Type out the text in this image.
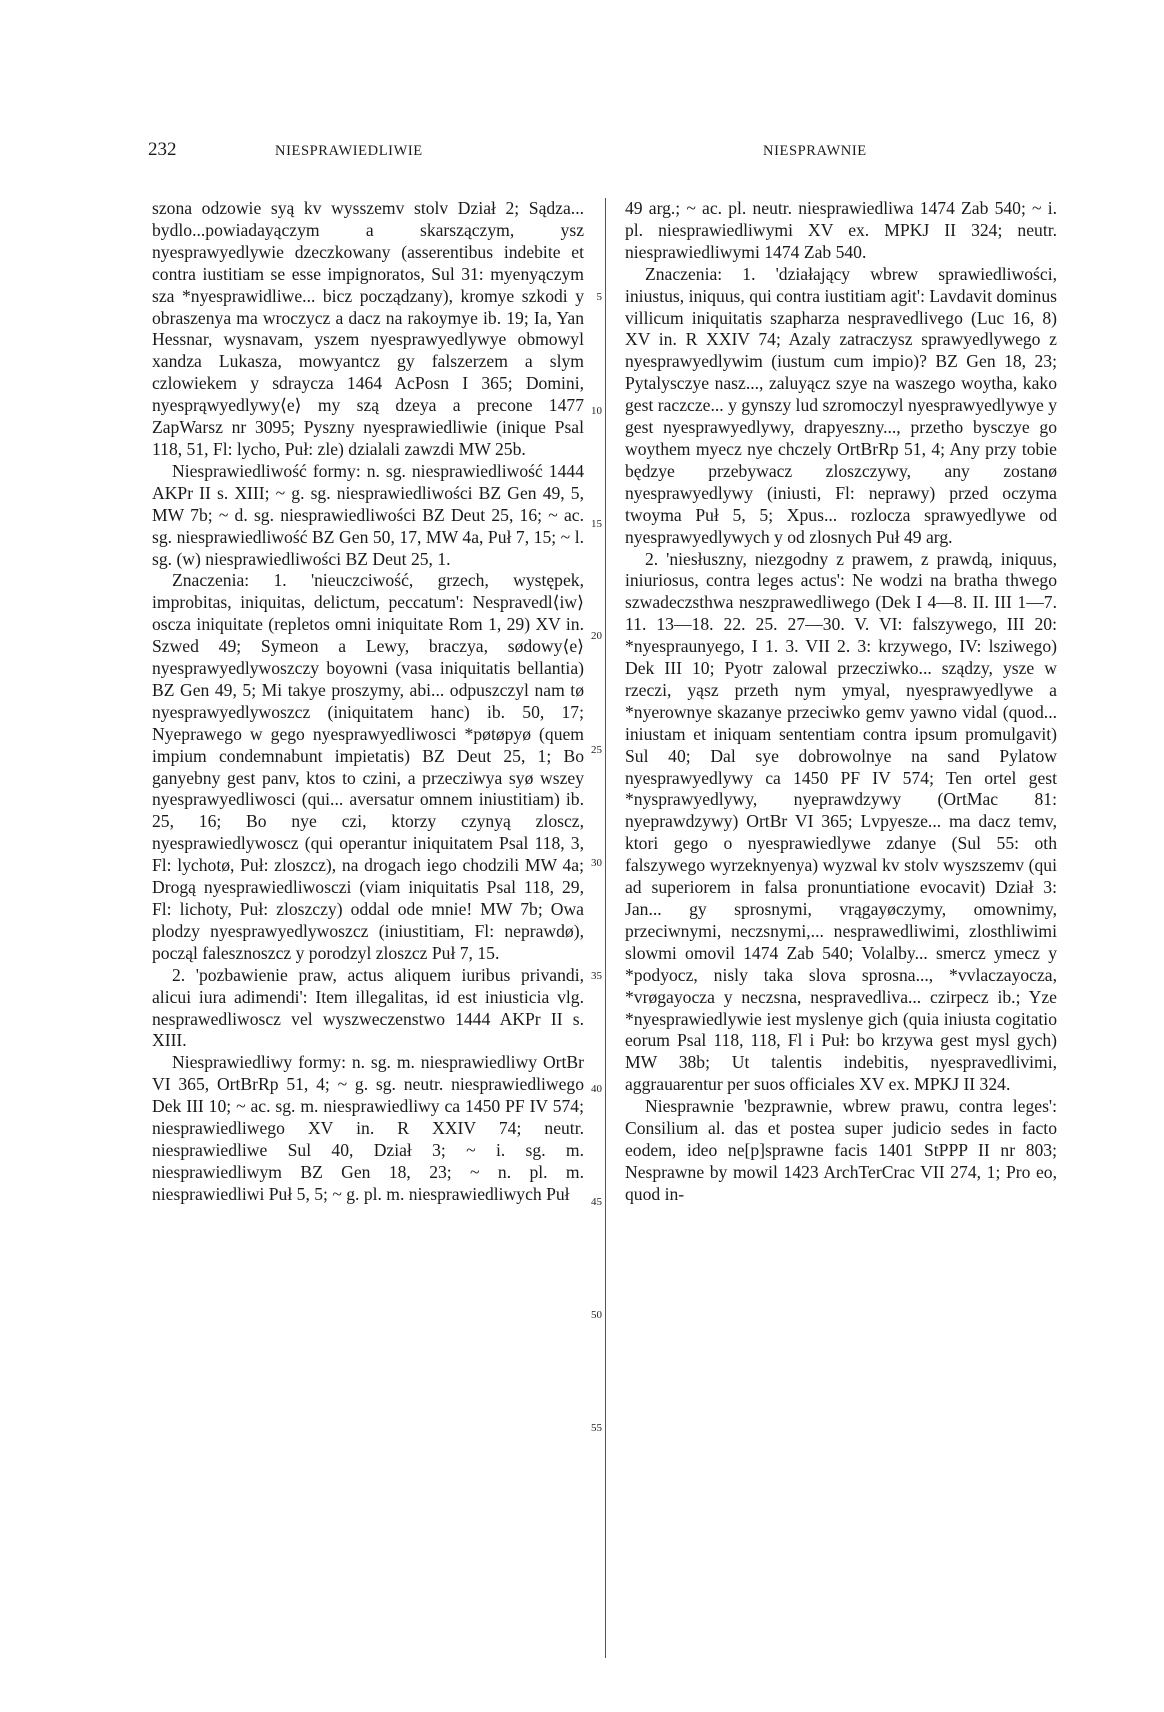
232	NIESPRAWIEDLIWIE	NIESPRAWNIE

szona odzowie syą kv wysszemv stolv Dział 2; Sądza... bydlo...powiadayączym a skarszączym, ysz nyesprawyedlywie dzeczkowany (asserentibus indebite et contra iustitiam se esse impignoratos, Sul 31: myenyączym sza *nyesprawidliwe... bicz począdzany), kromye szkodi y obraszenya ma wroczycz a dacz na rakoymye ib. 19; Ia, Yan Hessnar, wysnavam, yszem nyesprawyedlywye obmowyl xandza Lukasza, mowyantcz gy falszerzem a slym czlowiekem y sdraycza 1464 AcPosn I 365; Domini, nyesprąwyedlywy⟨e⟩ my szą dzeya a precone 1477 ZapWarsz nr 3095; Pyszny nyesprawiedliwie (inique Psal 118, 51, Fl: lycho, Puł: zle) dzialali zawzdi MW 25b.

Niesprawiedliwość formy: n. sg. niesprawiedliwość 1444 AKPr II s. XIII; ~ g. sg. niesprawiedliwości BZ Gen 49, 5, MW 7b; ~ d. sg. niesprawiedliwości BZ Deut 25, 16; ~ ac. sg. niesprawiedliwość BZ Gen 50, 17, MW 4a, Puł 7, 15; ~ l. sg. (w) niesprawiedliwości BZ Deut 25, 1.

Znaczenia: 1. 'nieuczciwość, grzech, występek, improbitas, iniquitas, delictum, peccatum': Nespravedl⟨iw⟩oscza iniquitate (repletos omni iniquitate Rom 1, 29) XV in. Szwed 49; Symeon a Lewy, braczya, sødowy⟨e⟩ nyesprawyedlywoszczy boyowni (vasa iniquitatis bellantia) BZ Gen 49, 5; Mi takye proszymy, abi... odpuszczyl nam tø nyesprawyedlywoszcz (iniquitatem hanc) ib. 50, 17; Nyeprawego w gego nyesprawyedliwosci *pøtøpyø (quem impium condemnabunt impietatis) BZ Deut 25, 1; Bo ganyebny gest panv, ktos to czini, a przecziwya syø wszey nyesprawyedliwosci (qui... aversatur omnem iniustitiam) ib. 25, 16; Bo nye czi, ktorzy czynyą zloscz, nyesprawiedlywoscz (qui operantur iniquitatem Psal 118, 3, Fl: lychotø, Puł: zloszcz), na drogach iego chodzili MW 4a; Drogą nyesprawiedliwosczi (viam iniquitatis Psal 118, 29, Fl: lichoty, Puł: zloszczy) oddal ode mnie! MW 7b; Owa plodzy nyesprawyedlywoszcz (iniustitiam, Fl: neprawdø), począl falesznoszcz y porodzyl zloszcz Puł 7, 15.

2. 'pozbawienie praw, actus aliquem iuribus privandi, alicui iura adimendi': Item illegalitas, id est iniusticia vlg. nesprawedliwoscz vel wyszweczenstwo 1444 AKPr II s. XIII.

Niesprawiedliwy formy: n. sg. m. niesprawiedliwy OrtBr VI 365, OrtBrRp 51, 4; ~ g. sg. neutr. niesprawiedliwego Dek III 10; ~ ac. sg. m. niesprawiedliwy ca 1450 PF IV 574; niesprawiedliwego XV in. R XXIV 74; neutr. niesprawiedliwe Sul 40, Dział 3; ~ i. sg. m. niesprawiedliwym BZ Gen 18, 23; ~ n. pl. m. niesprawiedliwi Puł 5, 5; ~ g. pl. m. niesprawiedliwych Puł

5
10
15
20
25
30
35
40
45
50
55

49 arg.; ~ ac. pl. neutr. niesprawiedliwa 1474 Zab 540; ~ i. pl. niesprawiedliwymi XV ex. MPKJ II 324; neutr. niesprawiedliwymi 1474 Zab 540.

Znaczenia: 1. 'działający wbrew sprawiedliwości, iniustus, iniquus, qui contra iustitiam agit': Lavdavit dominus villicum iniquitatis szapharza nespravedlivego (Luc 16, 8) XV in. R XXIV 74; Azaly zatraczysz sprawyedlywego z nyesprawyedlywim (iustum cum impio)? BZ Gen 18, 23; Pytalysczye nasz..., zaluyącz szye na waszego woytha, kako gest raczcze... y gynszy lud szromoczyl nyesprawyedlywye y gest nyesprawyedlywy, drapyeszny..., przetho bysczye go woythem myecz nye chczely OrtBrRp 51, 4; Any przy tobie będzye przebywacz zloszczywy, any zostanø nyesprawyedlywy (iniusti, Fl: neprawy) przed oczyma twoyma Puł 5, 5; Xpus... rozlocza sprawyedlywe od nyesprawyedlywych y od zlosnych Puł 49 arg.

2. 'niesłuszny, niezgodny z prawem, z prawdą, iniquus, iniuriosus, contra leges actus': Ne wodzi na bratha thwego szwadeczsthwa neszprawedliwego (Dek I 4—8. II. III 1—7. 11. 13—18. 22. 25. 27—30. V. VI: falszywego, III 20: *nyesprаunyego, I 1. 3. VII 2. 3: krzywego, IV: lsziwego) Dek III 10; Pyotr zalowal przecziwko... sządzy, ysze w rzeczi, yąsz przeth nym ymyal, nyesprawyedlywe a *nyerownye skazanye przeciwko gemv yawno vidal (quod... iniustam et iniquam sententiam contra ipsum promulgavit) Sul 40; Dal sye dobrowolnye na sand Pylatow nyesprawyedlywy ca 1450 PF IV 574; Ten ortel gest *nysprawyedlywy, nyeprawdzywy (OrtMac 81: nyeprawdzywy) OrtBr VI 365; Lvpyesze... ma dacz temv, ktori gego o nyesprawiedlywe zdanye (Sul 55: oth falszywego wyrzeknyenya) wyzwal kv stolv wyszszemv (qui ad superiorem in falsa pronuntiatione evocavit) Dział 3: Jan... gy sprosnymi, vrągayøczymy, omownimy, przeciwnymi, neczsnymi,... nesprawedliwimi, zlosthliwimi slowmi omovil 1474 Zab 540; Volalby... smercz ymecz y *podyocz, nisly taka slova sprosna..., *vvlaczayocza, *vrøgayocza y neczsna, nespravedliva... czirpecz ib.; Yze *nyesprawiedlywie iest myslenye gich (quia iniusta cogitatio eorum Psal 118, 118, Fl i Puł: bo krzywa gest mysl gych) MW 38b; Ut talentis indebitis, nyespravedlivimi, aggrauarentur per suos officiales XV ex. MPKJ II 324.

Niesprawnie 'bezprawnie, wbrew prawu, contra leges': Consilium al. das et postea super judicio sedes in facto eodem, ideo ne[p]sprawne facis 1401 StPPP II nr 803; Nesprawne by mowil 1423 ArchTerCrac VII 274, 1; Pro eo, quod in-
